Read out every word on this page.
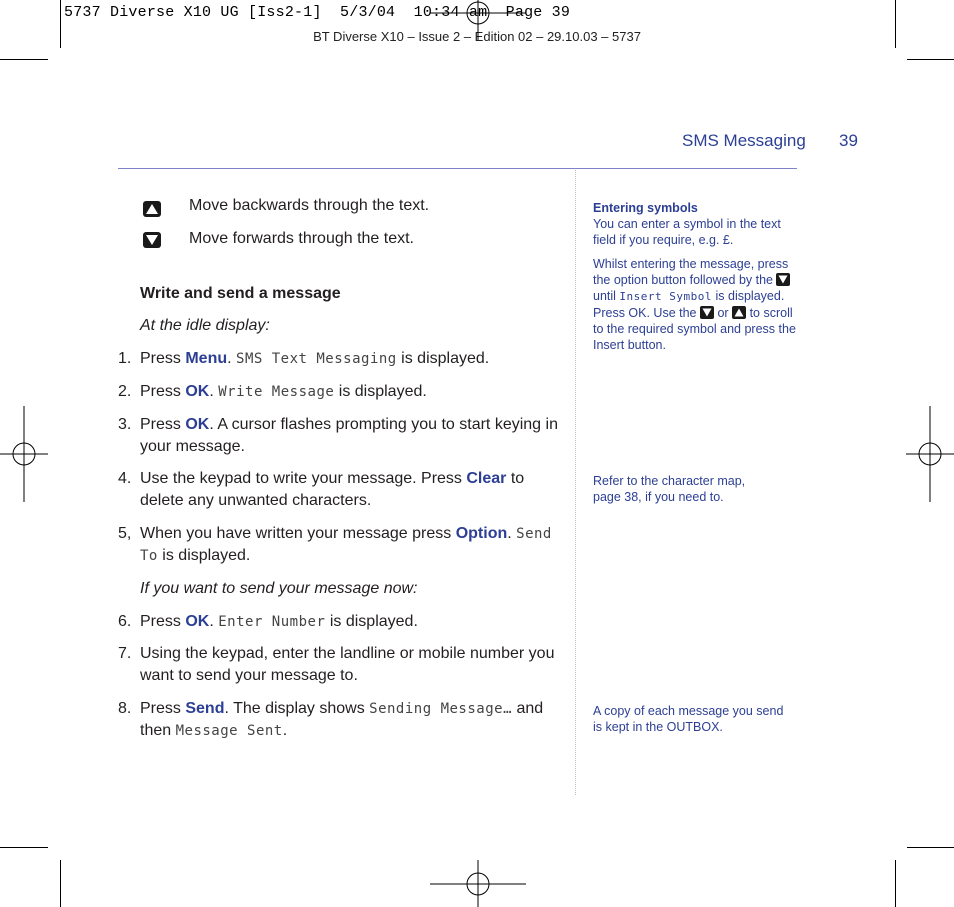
5737 Diverse X10 UG [Iss2-1]  5/3/04  10:34 am  Page 39
BT Diverse X10 – Issue 2 – Edition 02 – 29.10.03 – 5737
SMS Messaging 39
Move backwards through the text.
Move forwards through the text.
Write and send a message
At the idle display:
1. Press Menu. SMS Text Messaging is displayed.
2. Press OK. Write Message is displayed.
3. Press OK. A cursor flashes prompting you to start keying in your message.
4. Use the keypad to write your message. Press Clear to delete any unwanted characters.
5, When you have written your message press Option. Send To is displayed.
If you want to send your message now:
6. Press OK. Enter Number is displayed.
7. Using the keypad, enter the landline or mobile number you want to send your message to.
8. Press Send. The display shows Sending Message… and then Message Sent.
Entering symbols
You can enter a symbol in the text field if you require, e.g. £.
Whilst entering the message, press the option button followed by the
until Insert Symbol is displayed. Press OK. Use the or to scroll to the required symbol and press the Insert button.
Refer to the character map, page 38, if you need to.
A copy of each message you send is kept in the OUTBOX.
